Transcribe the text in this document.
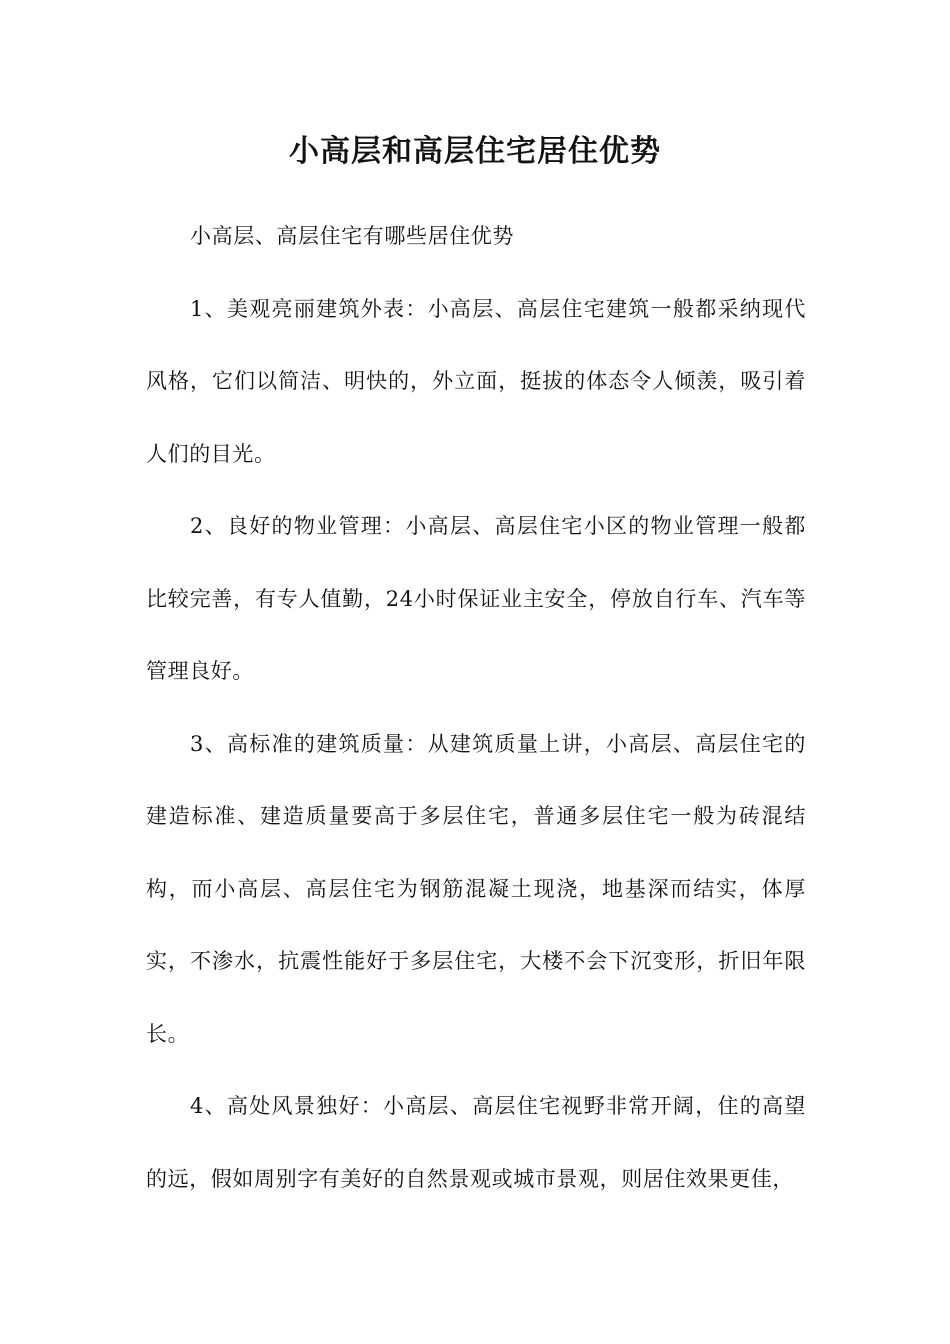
小高层和高层住宅居住优势

小高层、高层住宅有哪些居住优势

1、美观亮丽建筑外表：小高层、高层住宅建筑一般都采纳现代风格，它们以简洁、明快的，外立面，挺拔的体态令人倾羡，吸引着人们的目光。

2、良好的物业管理：小高层、高层住宅小区的物业管理一般都比较完善，有专人值勤，24小时保证业主安全，停放自行车、汽车等管理良好。

3、高标准的建筑质量：从建筑质量上讲，小高层、高层住宅的建造标准、建造质量要高于多层住宅，普通多层住宅一般为砖混结构，而小高层、高层住宅为钢筋混凝土现浇，地基深而结实，体厚实，不渗水，抗震性能好于多层住宅，大楼不会下沉变形，折旧年限长。

4、高处风景独好：小高层、高层住宅视野非常开阔，住的高望的远，假如周别字有美好的自然景观或城市景观，则居住效果更佳，
